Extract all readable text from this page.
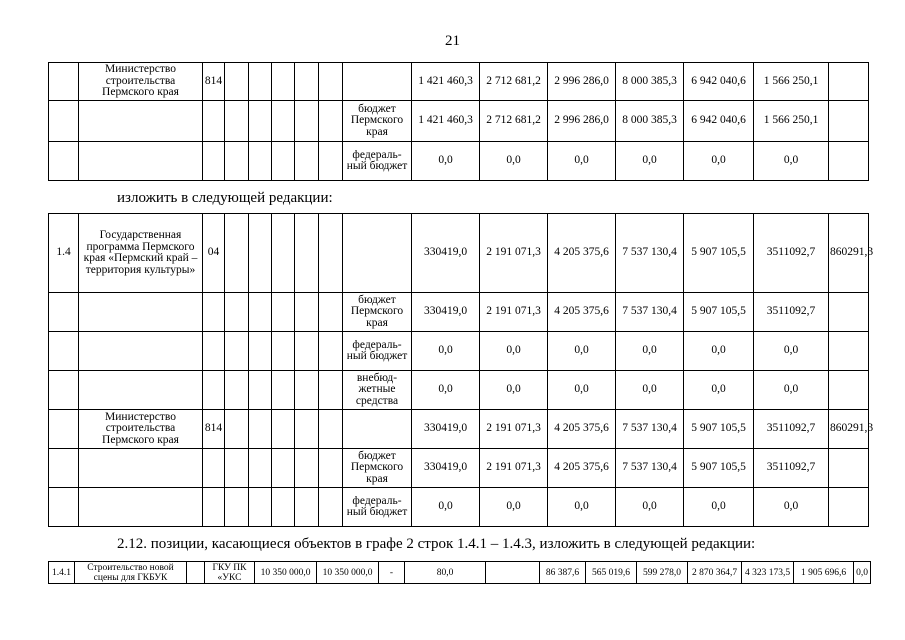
21
	Министерство строительства Пермского края	814							1 421 460,3	2 712 681,2	2 996 286,0	8 000 385,3	6 942 040,6	1 566 250,1	
								бюджет Пермского края	1 421 460,3	2 712 681,2	2 996 286,0	8 000 385,3	6 942 040,6	1 566 250,1	
								федераль-ный бюджет	0,0	0,0	0,0	0,0	0,0	0,0	
изложить в следующей редакции:
1.4	Государственная программа Пермского края «Пермский край – территория культуры»	04							330419,0	2 191 071,3	4 205 375,6	7 537 130,4	5 907 105,5	3511092,7	860291,3
								бюджет Пермского края	330419,0	2 191 071,3	4 205 375,6	7 537 130,4	5 907 105,5	3511092,7	
								федераль-ный бюджет	0,0	0,0	0,0	0,0	0,0	0,0	
								внебюд-жетные средства	0,0	0,0	0,0	0,0	0,0	0,0	
	Министерство строительства Пермского края	814							330419,0	2 191 071,3	4 205 375,6	7 537 130,4	5 907 105,5	3511092,7	860291,3
								бюджет Пермского края	330419,0	2 191 071,3	4 205 375,6	7 537 130,4	5 907 105,5	3511092,7	
								федераль-ный бюджет	0,0	0,0	0,0	0,0	0,0	0,0	
2.12. позиции, касающиеся объектов в графе 2 строк 1.4.1 – 1.4.3, изложить в следующей редакции:
1.4.1	Строительство новой сцены для ГКБУК		ГКУ ПК «УКС	10 350 000,0	10 350 000,0	-	80,0		86 387,6	565 019,6	599 278,0	2 870 364,7	4 323 173,5	1 905 696,6	0,0
